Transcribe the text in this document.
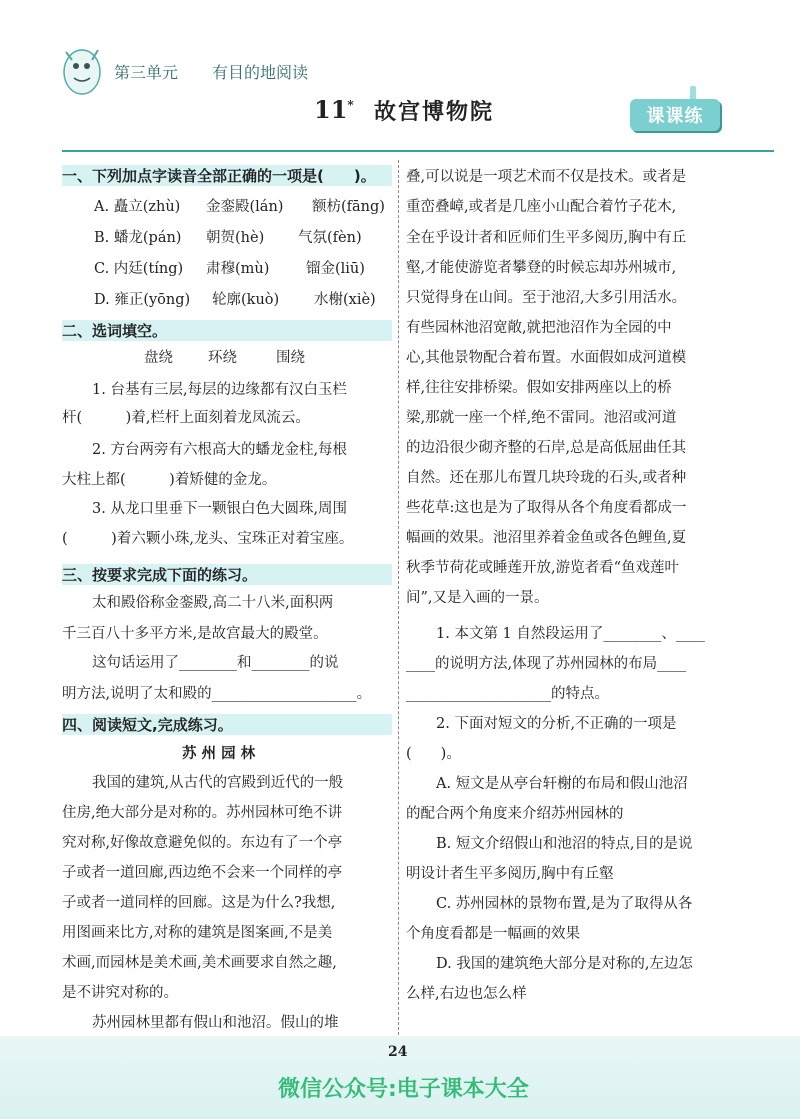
第三单元 有目的地阅读
11* 故宫博物院	课课练
一、下列加点字读音全部正确的一项是(　　)。
A. 矗立(zhù) 金銮殿(lán) 额枋(fāng)
B. 蟠龙(pán) 朝贺(hè) 气氛(fèn)
C. 内廷(tíng) 肃穆(mù)	镏金(liū)
D. 雍正(yōng) 轮廓(kuò) 水榭(xiè)
二、选词填空。
盘绕 环绕	围绕
1. 台基有三层,每层的边缘都有汉白玉栏
杆(　　　)着,栏杆上面刻着龙凤流云。
2. 方台两旁有六根高大的蟠龙金柱,每根
大柱上都(　　　)着矫健的金龙。
3. 从龙口里垂下一颗银白色大圆珠,周围
(　　　)着六颗小珠,龙头、宝珠正对着宝座。
三、按要求完成下面的练习。
太和殿俗称金銮殿,高二十八米,面积两
千三百八十多平方米,是故宫最大的殿堂。
这句话运用了________和________的说
明方法,说明了太和殿的____________________。
四、阅读短文,完成练习。
苏 州 园 林
我国的建筑,从古代的宫殿到近代的一般
住房,绝大部分是对称的。苏州园林可绝不讲
究对称,好像故意避免似的。东边有了一个亭
子或者一道回廊,西边绝不会来一个同样的亭
子或者一道同样的回廊。这是为什么?我想,
用图画来比方,对称的建筑是图案画,不是美
术画,而园林是美术画,美术画要求自然之趣,
是不讲究对称的。
苏州园林里都有假山和池沼。假山的堆
叠,可以说是一项艺术而不仅是技术。或者是
重峦叠嶂,或者是几座小山配合着竹子花木,
全在乎设计者和匠师们生平多阅历,胸中有丘
壑,才能使游览者攀登的时候忘却苏州城市,
只觉得身在山间。至于池沼,大多引用活水。
有些园林池沼宽敞,就把池沼作为全园的中
心,其他景物配合着布置。水面假如成河道模
样,往往安排桥梁。假如安排两座以上的桥
梁,那就一座一个样,绝不雷同。池沼或河道
的边沿很少砌齐整的石岸,总是高低屈曲任其
自然。还在那儿布置几块玲珑的石头,或者种
些花草:这也是为了取得从各个角度看都成一
幅画的效果。池沼里养着金鱼或各色鲤鱼,夏
秋季节荷花或睡莲开放,游览者看“鱼戏莲叶
间”,又是入画的一景。
1. 本文第 1 自然段运用了________、____
____的说明方法,体现了苏州园林的布局____
____________________的特点。
2. 下面对短文的分析,不正确的一项是
(　　)。
A. 短文是从亭台轩榭的布局和假山池沼
的配合两个角度来介绍苏州园林的
B. 短文介绍假山和池沼的特点,目的是说
明设计者生平多阅历,胸中有丘壑
C. 苏州园林的景物布置,是为了取得从各
个角度看都是一幅画的效果
D. 我国的建筑绝大部分是对称的,左边怎
么样,右边也怎么样
24
微信公众号:电子课本大全
